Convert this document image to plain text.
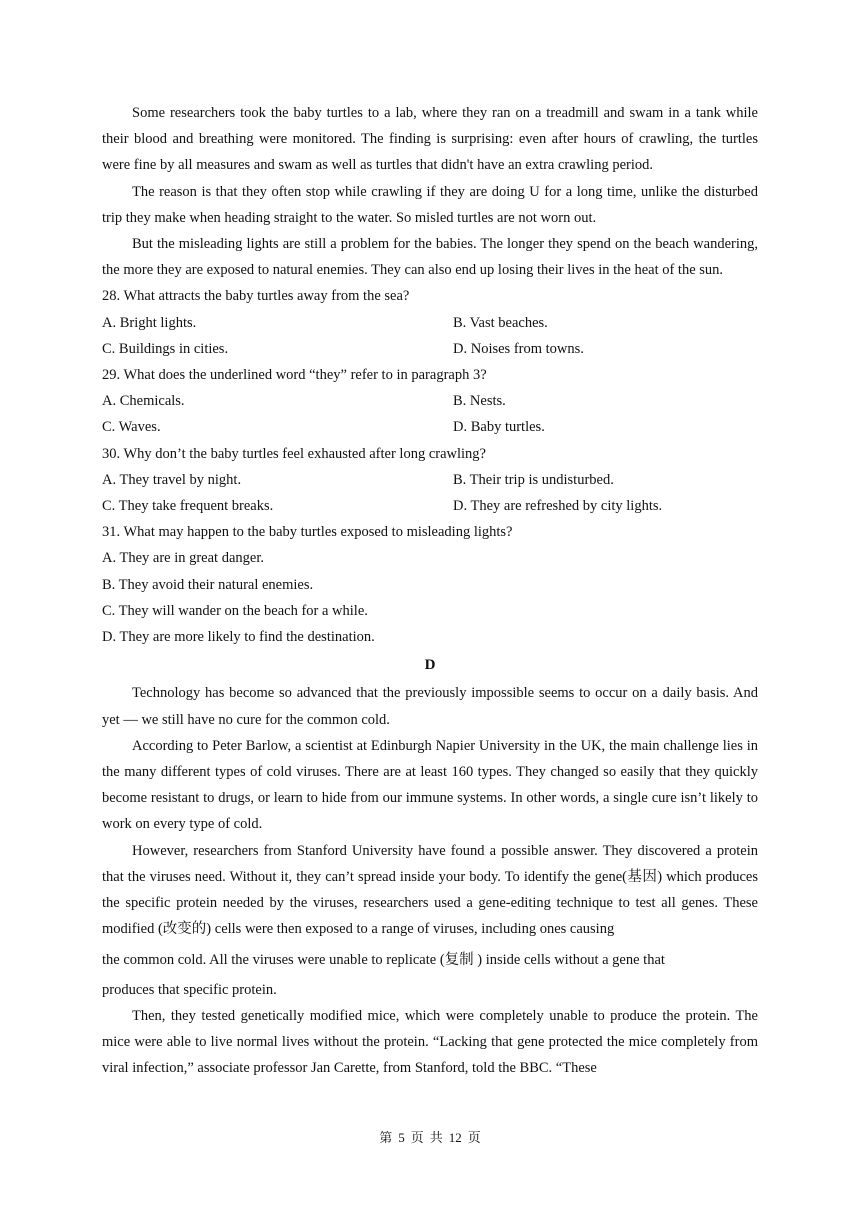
Some researchers took the baby turtles to a lab, where they ran on a treadmill and swam in a tank while their blood and breathing were monitored. The finding is surprising: even after hours of crawling, the turtles were fine by all measures and swam as well as turtles that didn't have an extra crawling period.

The reason is that they often stop while crawling if they are doing U for a long time, unlike the disturbed trip they make when heading straight to the water. So misled turtles are not worn out.

But the misleading lights are still a problem for the babies. The longer they spend on the beach wandering, the more they are exposed to natural enemies. They can also end up losing their lives in the heat of the sun.

28. What attracts the baby turtles away from the sea?

A. Bright lights.	B. Vast beaches.
C. Buildings in cities.	D. Noises from towns.

29. What does the underlined word “they” refer to in paragraph 3?

A. Chemicals.	B. Nests.
C. Waves.	D. Baby turtles.

30. Why don’t the baby turtles feel exhausted after long crawling?

A. They travel by night.	B. Their trip is undisturbed.
C. They take frequent breaks.	D. They are refreshed by city lights.

31. What may happen to the baby turtles exposed to misleading lights?

A. They are in great danger.

B. They avoid their natural enemies.

C. They will wander on the beach for a while.

D. They are more likely to find the destination.

D

Technology has become so advanced that the previously impossible seems to occur on a daily basis. And yet — we still have no cure for the common cold.

According to Peter Barlow, a scientist at Edinburgh Napier University in the UK, the main challenge lies in the many different types of cold viruses. There are at least 160 types. They changed so easily that they quickly become resistant to drugs, or learn to hide from our immune systems. In other words, a single cure isn’t likely to work on every type of cold.

However, researchers from Stanford University have found a possible answer. They discovered a protein that the viruses need. Without it, they can’t spread inside your body. To identify the gene(基因) which produces the specific protein needed by the viruses, researchers used a gene-editing technique to test all genes. These modified (改变的) cells were then exposed to a range of viruses, including ones causing

the common cold. All the viruses were unable to replicate (复制 ) inside cells without a gene that

produces that specific protein.

Then, they tested genetically modified mice, which were completely unable to produce the protein. The mice were able to live normal lives without the protein. “Lacking that gene protected the mice completely from viral infection,” associate professor Jan Carette, from Stanford, told the BBC. “These

第 5 页 共 12 页
